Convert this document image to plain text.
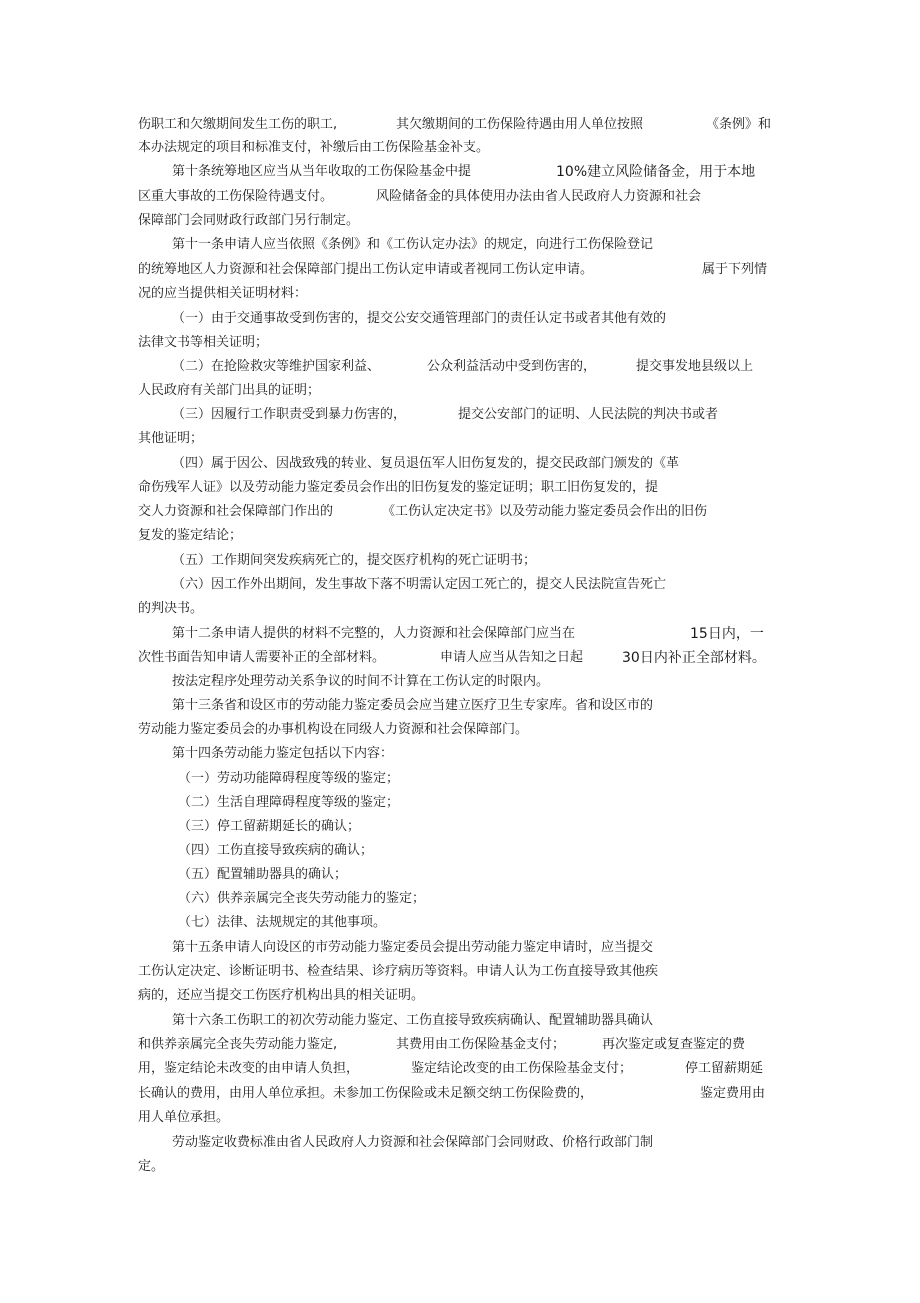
伤职工和欠缴期间发生工伤的职工,	其欠缴期间的工伤保险待遇由用人单位按照	《条例》和
本办法规定的项目和标准支付，补缴后由工伤保险基金补支。
第十条统筹地区应当从当年收取的工伤保险基金中提	10%建立风险储备金，用于本地
区重大事故的工伤保险待遇支付。	风险储备金的具体使用办法由省人民政府人力资源和社会
保障部门会同财政行政部门另行制定。
第十一条申请人应当依照《条例》和《工伤认定办法》的规定，向进行工伤保险登记
的统筹地区人力资源和社会保障部门提出工伤认定申请或者视同工伤认定申请。	属于下列情
况的应当提供相关证明材料：
（一）由于交通事故受到伤害的，提交公安交通管理部门的责任认定书或者其他有效的
法律文书等相关证明；
（二）在抢险救灾等维护国家利益、	公众利益活动中受到伤害的，	提交事发地县级以上
人民政府有关部门出具的证明；
（三）因履行工作职责受到暴力伤害的，	提交公安部门的证明、人民法院的判决书或者
其他证明；
（四）属于因公、因战致残的转业、复员退伍军人旧伤复发的，提交民政部门颁发的《革
命伤残军人证》以及劳动能力鉴定委员会作出的旧伤复发的鉴定证明；职工旧伤复发的，提
交人力资源和社会保障部门作出的	《工伤认定决定书》以及劳动能力鉴定委员会作出的旧伤
复发的鉴定结论；
（五）工作期间突发疾病死亡的，提交医疗机构的死亡证明书；
（六）因工作外出期间，发生事故下落不明需认定因工死亡的，提交人民法院宣告死亡
的判决书。
第十二条申请人提供的材料不完整的，人力资源和社会保障部门应当在	15日内，一
次性书面告知申请人需要补正的全部材料。	申请人应当从告知之日起	30日内补正全部材料。
按法定程序处理劳动关系争议的时间不计算在工伤认定的时限内。
第十三条省和设区市的劳动能力鉴定委员会应当建立医疗卫生专家库。省和设区市的
劳动能力鉴定委员会的办事机构设在同级人力资源和社会保障部门。
第十四条劳动能力鉴定包括以下内容：
（一）劳动功能障碍程度等级的鉴定；
（二）生活自理障碍程度等级的鉴定；
（三）停工留薪期延长的确认；
（四）工伤直接导致疾病的确认；
（五）配置辅助器具的确认；
（六）供养亲属完全丧失劳动能力的鉴定；
（七）法律、法规规定的其他事项。
第十五条申请人向设区的市劳动能力鉴定委员会提出劳动能力鉴定申请时，应当提交
工伤认定决定、诊断证明书、检查结果、诊疗病历等资料。申请人认为工伤直接导致其他疾
病的，还应当提交工伤医疗机构出具的相关证明。
第十六条工伤职工的初次劳动能力鉴定、工伤直接导致疾病确认、配置辅助器具确认
和供养亲属完全丧失劳动能力鉴定,	其费用由工伤保险基金支付；	再次鉴定或复查鉴定的费
用，鉴定结论未改变的由申请人负担，	鉴定结论改变的由工伤保险基金支付；	停工留薪期延
长确认的费用，由用人单位承担。未参加工伤保险或未足额交纳工伤保险费的，	鉴定费用由
用人单位承担。
劳动鉴定收费标准由省人民政府人力资源和社会保障部门会同财政、价格行政部门制
定。
